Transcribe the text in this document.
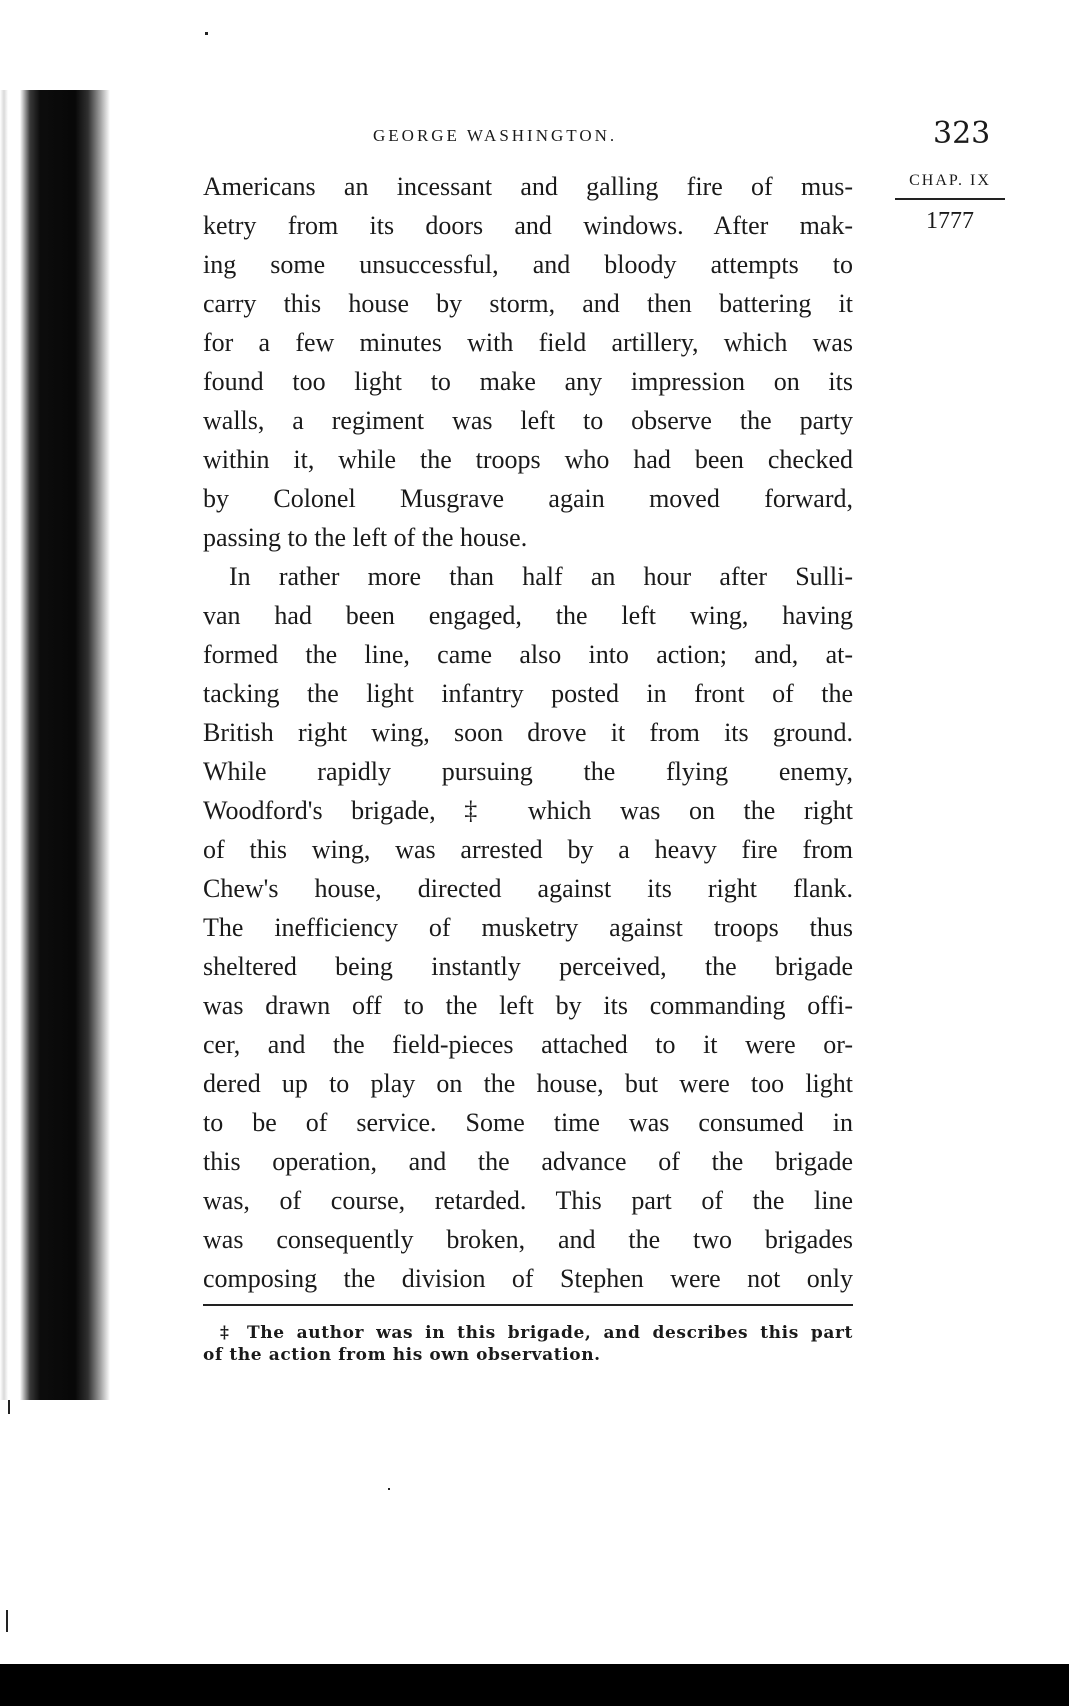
GEORGE WASHINGTON.	323
CHAP. IX
1777
Americans an incessant and galling fire of mus-
ketry from its doors and windows. After mak-
ing some unsuccessful, and bloody attempts to
carry this house by storm, and then battering it
for a few minutes with field artillery, which was
found too light to make any impression on its
walls, a regiment was left to observe the party
within it, while the troops who had been checked
by Colonel Musgrave again moved forward,
passing to the left of the house.
In rather more than half an hour after Sulli-
van had been engaged, the left wing, having
formed the line, came also into action; and, at-
tacking the light infantry posted in front of the
British right wing, soon drove it from its ground.
While rapidly pursuing the flying enemy,
Woodford's brigade, ‡ which was on the right
of this wing, was arrested by a heavy fire from
Chew's house, directed against its right flank.
The inefficiency of musketry against troops thus
sheltered being instantly perceived, the brigade
was drawn off to the left by its commanding offi-
cer, and the field-pieces attached to it were or-
dered up to play on the house, but were too light
to be of service. Some time was consumed in
this operation, and the advance of the brigade
was, of course, retarded. This part of the line
was consequently broken, and the two brigades
composing the division of Stephen were not only
‡ The author was in this brigade, and describes this part
of the action from his own observation.
